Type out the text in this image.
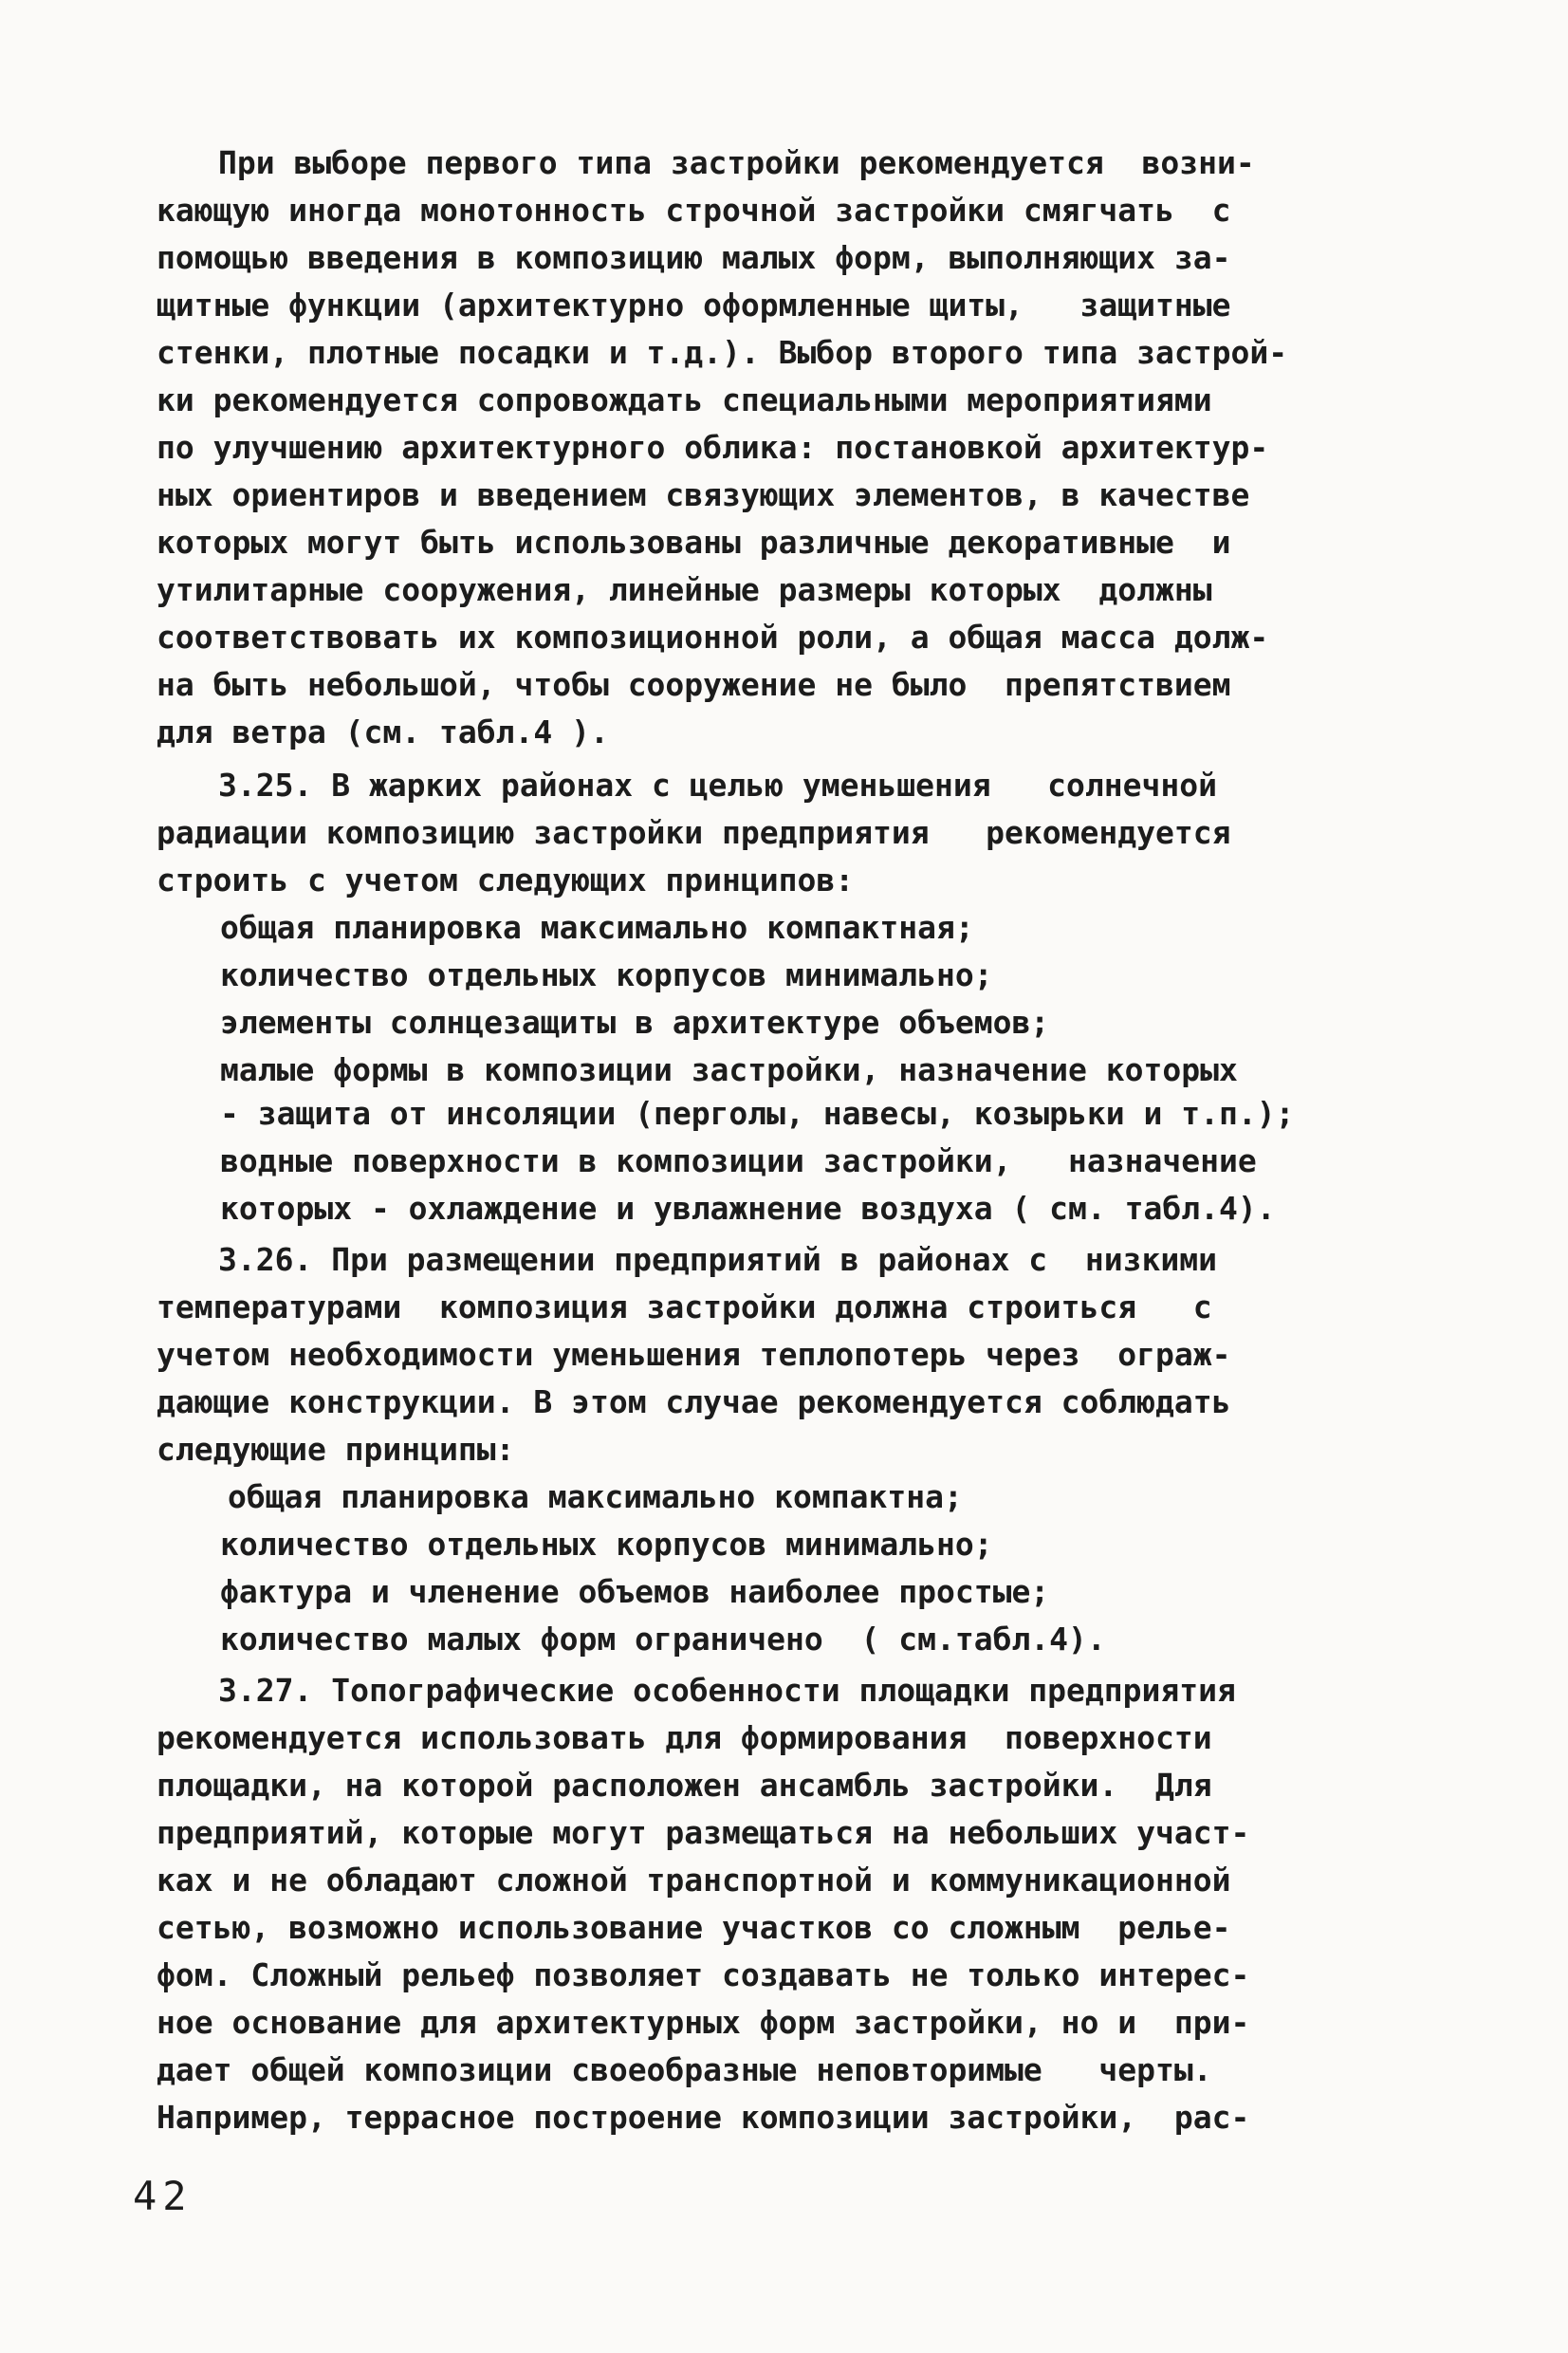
При выборе первого типа застройки рекомендуется  возни-
кающую иногда монотонность строчной застройки смягчать  с
помощью введения в композицию малых форм, выполняющих за-
щитные функции (архитектурно оформленные щиты,   защитные
стенки, плотные посадки и т.д.). Выбор второго типа застрой-
ки рекомендуется сопровождать специальными мероприятиями
по улучшению архитектурного облика: постановкой архитектур-
ных ориентиров и введением связующих элементов, в качестве
которых могут быть использованы различные декоративные  и
утилитарные сооружения, линейные размеры которых  должны
соответствовать их композиционной роли, а общая масса долж-
на быть небольшой, чтобы сооружение не было  препятствием
для ветра (см. табл.4 ).
3.25. В жарких районах с целью уменьшения   солнечной
радиации композицию застройки предприятия   рекомендуется
строить с учетом следующих принципов:
общая планировка максимально компактная;
количество отдельных корпусов минимально;
элементы солнцезащиты в архитектуре объемов;
малые формы в композиции застройки, назначение которых
- защита от инсоляции (перголы, навесы, козырьки и т.п.);
водные поверхности в композиции застройки,   назначение
которых - охлаждение и увлажнение воздуха ( см. табл.4).
3.26. При размещении предприятий в районах с  низкими
температурами  композиция застройки должна строиться   с
учетом необходимости уменьшения теплопотерь через  ограж-
дающие конструкции. В этом случае рекомендуется соблюдать
следующие принципы:
общая планировка максимально компактна;
количество отдельных корпусов минимально;
фактура и членение объемов наиболее простые;
количество малых форм ограничено  ( см.табл.4).
3.27. Топографические особенности площадки предприятия
рекомендуется использовать для формирования  поверхности
площадки, на которой расположен ансамбль застройки.  Для
предприятий, которые могут размещаться на небольших участ-
ках и не обладают сложной транспортной и коммуникационной
сетью, возможно использование участков со сложным  релье-
фом. Сложный рельеф позволяет создавать не только интерес-
ное основание для архитектурных форм застройки, но и  при-
дает общей композиции своеобразные неповторимые   черты.
Например, террасное построение композиции застройки,  рас-
42
